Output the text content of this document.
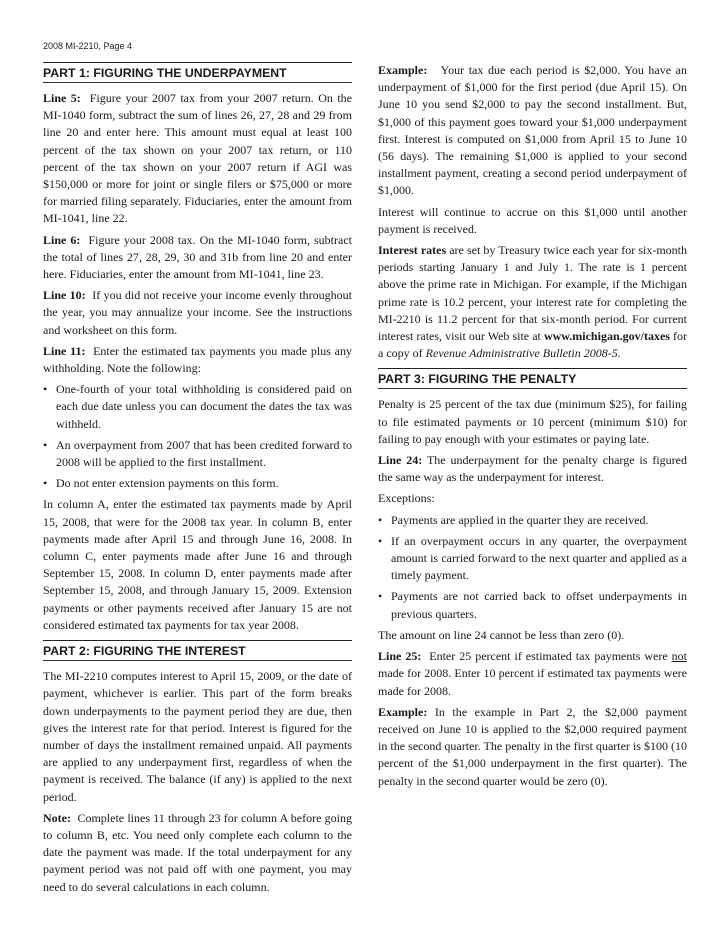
2008 MI-2210, Page 4
PART 1: FIGURING THE UNDERPAYMENT

Line 5: Figure your 2007 tax from your 2007 return. On the MI-1040 form, subtract the sum of lines 26, 27, 28 and 29 from line 20 and enter here. This amount must equal at least 100 percent of the tax shown on your 2007 tax return, or 110 percent of the tax shown on your 2007 return if AGI was $150,000 or more for joint or single filers or $75,000 or more for married filing separately. Fiduciaries, enter the amount from MI-1041, line 22.

Line 6: Figure your 2008 tax. On the MI-1040 form, subtract the total of lines 27, 28, 29, 30 and 31b from line 20 and enter here. Fiduciaries, enter the amount from MI-1041, line 23.

Line 10: If you did not receive your income evenly throughout the year, you may annualize your income. See the instructions and worksheet on this form.

Line 11: Enter the estimated tax payments you made plus any withholding. Note the following:

• One-fourth of your total withholding is considered paid on each due date unless you can document the dates the tax was withheld.
• An overpayment from 2007 that has been credited forward to 2008 will be applied to the first installment.
• Do not enter extension payments on this form.

In column A, enter the estimated tax payments made by April 15, 2008, that were for the 2008 tax year. In column B, enter payments made after April 15 and through June 16, 2008. In column C, enter payments made after June 16 and through September 15, 2008. In column D, enter payments made after September 15, 2008, and through January 15, 2009. Extension payments or other payments received after January 15 are not considered estimated tax payments for tax year 2008.

PART 2: FIGURING THE INTEREST

The MI-2210 computes interest to April 15, 2009, or the date of payment, whichever is earlier. This part of the form breaks down underpayments to the payment period they are due, then gives the interest rate for that period. Interest is figured for the number of days the installment remained unpaid. All payments are applied to any underpayment first, regardless of when the payment is received. The balance (if any) is applied to the next period.

Note: Complete lines 11 through 23 for column A before going to column B, etc. You need only complete each column to the date the payment was made. If the total underpayment for any payment period was not paid off with one payment, you may need to do several calculations in each column.

Example: Your tax due each period is $2,000. You have an underpayment of $1,000 for the first period (due April 15). On June 10 you send $2,000 to pay the second installment. But, $1,000 of this payment goes toward your $1,000 underpayment first. Interest is computed on $1,000 from April 15 to June 10 (56 days). The remaining $1,000 is applied to your second installment payment, creating a second period underpayment of $1,000.

Interest will continue to accrue on this $1,000 until another payment is received.

Interest rates are set by Treasury twice each year for six-month periods starting January 1 and July 1. The rate is 1 percent above the prime rate in Michigan. For example, if the Michigan prime rate is 10.2 percent, your interest rate for completing the MI-2210 is 11.2 percent for that six-month period. For current interest rates, visit our Web site at www.michigan.gov/taxes for a copy of Revenue Administrative Bulletin 2008-5.

PART 3: FIGURING THE PENALTY

Penalty is 25 percent of the tax due (minimum $25), for failing to file estimated payments or 10 percent (minimum $10) for failing to pay enough with your estimates or paying late.

Line 24: The underpayment for the penalty charge is figured the same way as the underpayment for interest.

Exceptions:

• Payments are applied in the quarter they are received.
• If an overpayment occurs in any quarter, the overpayment amount is carried forward to the next quarter and applied as a timely payment.
• Payments are not carried back to offset underpayments in previous quarters.

The amount on line 24 cannot be less than zero (0).

Line 25: Enter 25 percent if estimated tax payments were not made for 2008. Enter 10 percent if estimated tax payments were made for 2008.

Example: In the example in Part 2, the $2,000 payment received on June 10 is applied to the $2,000 required payment in the second quarter. The penalty in the first quarter is $100 (10 percent of the $1,000 underpayment in the first quarter). The penalty in the second quarter would be zero (0).
